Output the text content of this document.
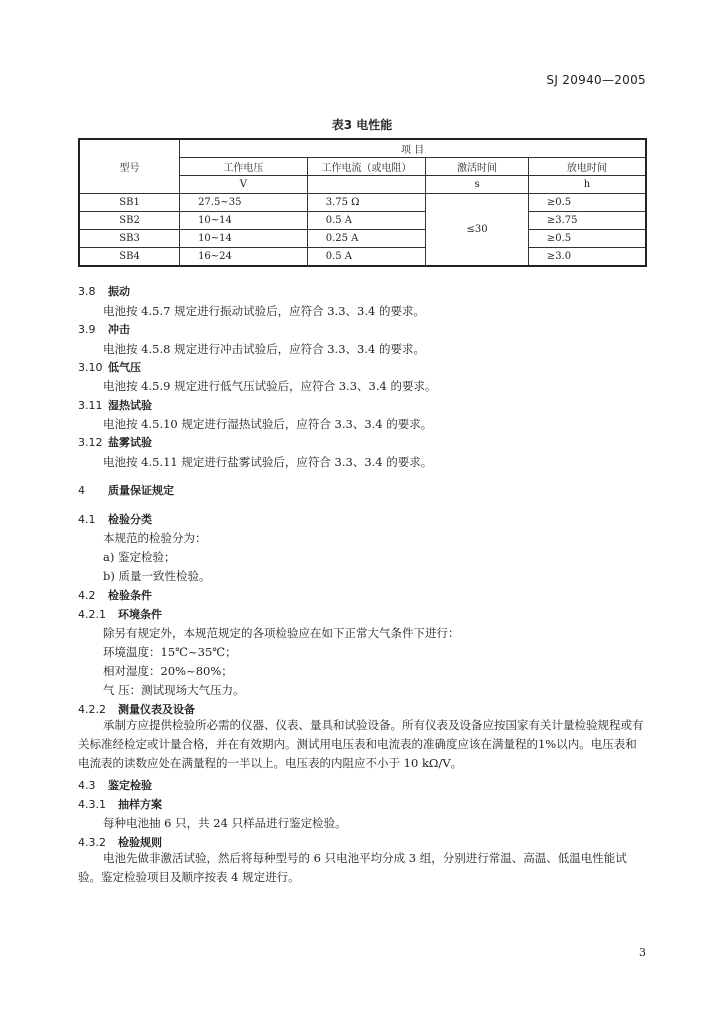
SJ 20940—2005
表3 电性能
型号	项 目			
	工作电压	工作电流（或电阻）	激活时间	放电时间
	V		s	h
SB1	27.5~35	3.75 Ω	≤30	≥0.5
SB2	10~14	0.5 A		≥3.75
SB3	10~14	0.25 A		≥0.5
SB4	16~24	0.5 A		≥3.0
3.8 振动
电池按 4.5.7 规定进行振动试验后，应符合 3.3、3.4 的要求。
3.9 冲击
电池按 4.5.8 规定进行冲击试验后，应符合 3.3、3.4 的要求。
3.10 低气压
电池按 4.5.9 规定进行低气压试验后，应符合 3.3、3.4 的要求。
3.11 湿热试验
电池按 4.5.10 规定进行湿热试验后，应符合 3.3、3.4 的要求。
3.12 盐雾试验
电池按 4.5.11 规定进行盐雾试验后，应符合 3.3、3.4 的要求。
4 质量保证规定
4.1 检验分类
本规范的检验分为：
a) 鉴定检验；
b) 质量一致性检验。
4.2 检验条件
4.2.1 环境条件
除另有规定外，本规范规定的各项检验应在如下正常大气条件下进行：
环境温度：15℃~35℃；
相对湿度：20%~80%；
气 压：测试现场大气压力。
4.2.2 测量仪表及设备
承制方应提供检验所必需的仪器、仪表、量具和试验设备。所有仪表及设备应按国家有关计量检验规程或有关标准经检定或计量合格，并在有效期内。测试用电压表和电流表的准确度应该在满量程的1%以内。电压表和电流表的读数应处在满量程的一半以上。电压表的内阻应不小于 10 kΩ/V。
4.3 鉴定检验
4.3.1 抽样方案
每种电池抽 6 只，共 24 只样品进行鉴定检验。
4.3.2 检验规则
电池先做非激活试验，然后将每种型号的 6 只电池平均分成 3 组，分别进行常温、高温、低温电性能试验。鉴定检验项目及顺序按表 4 规定进行。
3
